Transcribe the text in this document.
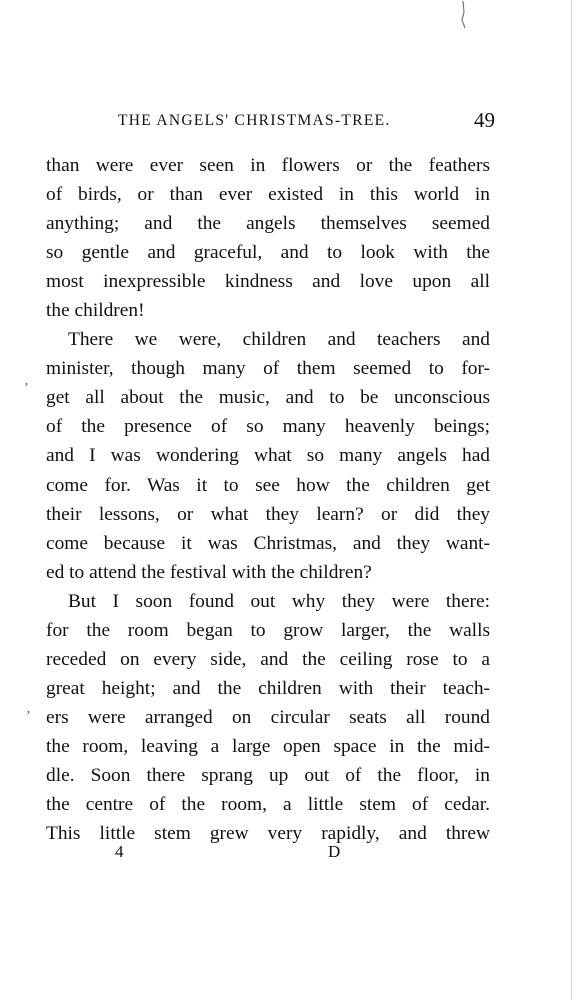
THE ANGELS' CHRISTMAS-TREE.	49
than were ever seen in flowers or the feathers
of birds, or than ever existed in this world in
anything; and the angels themselves seemed
so gentle and graceful, and to look with the
most inexpressible kindness and love upon all
the children!
There we were, children and teachers and
minister, though many of them seemed to for-
get all about the music, and to be unconscious
of the presence of so many heavenly beings;
and I was wondering what so many angels had
come for. Was it to see how the children get
their lessons, or what they learn? or did they
come because it was Christmas, and they want-
ed to attend the festival with the children?
But I soon found out why they were there:
for the room began to grow larger, the walls
receded on every side, and the ceiling rose to a
great height; and the children with their teach-
ers were arranged on circular seats all round
the room, leaving a large open space in the mid-
dle. Soon there sprang up out of the floor, in
the centre of the room, a little stem of cedar.
This little stem grew very rapidly, and threw
ʼ
ʼ
4	D
